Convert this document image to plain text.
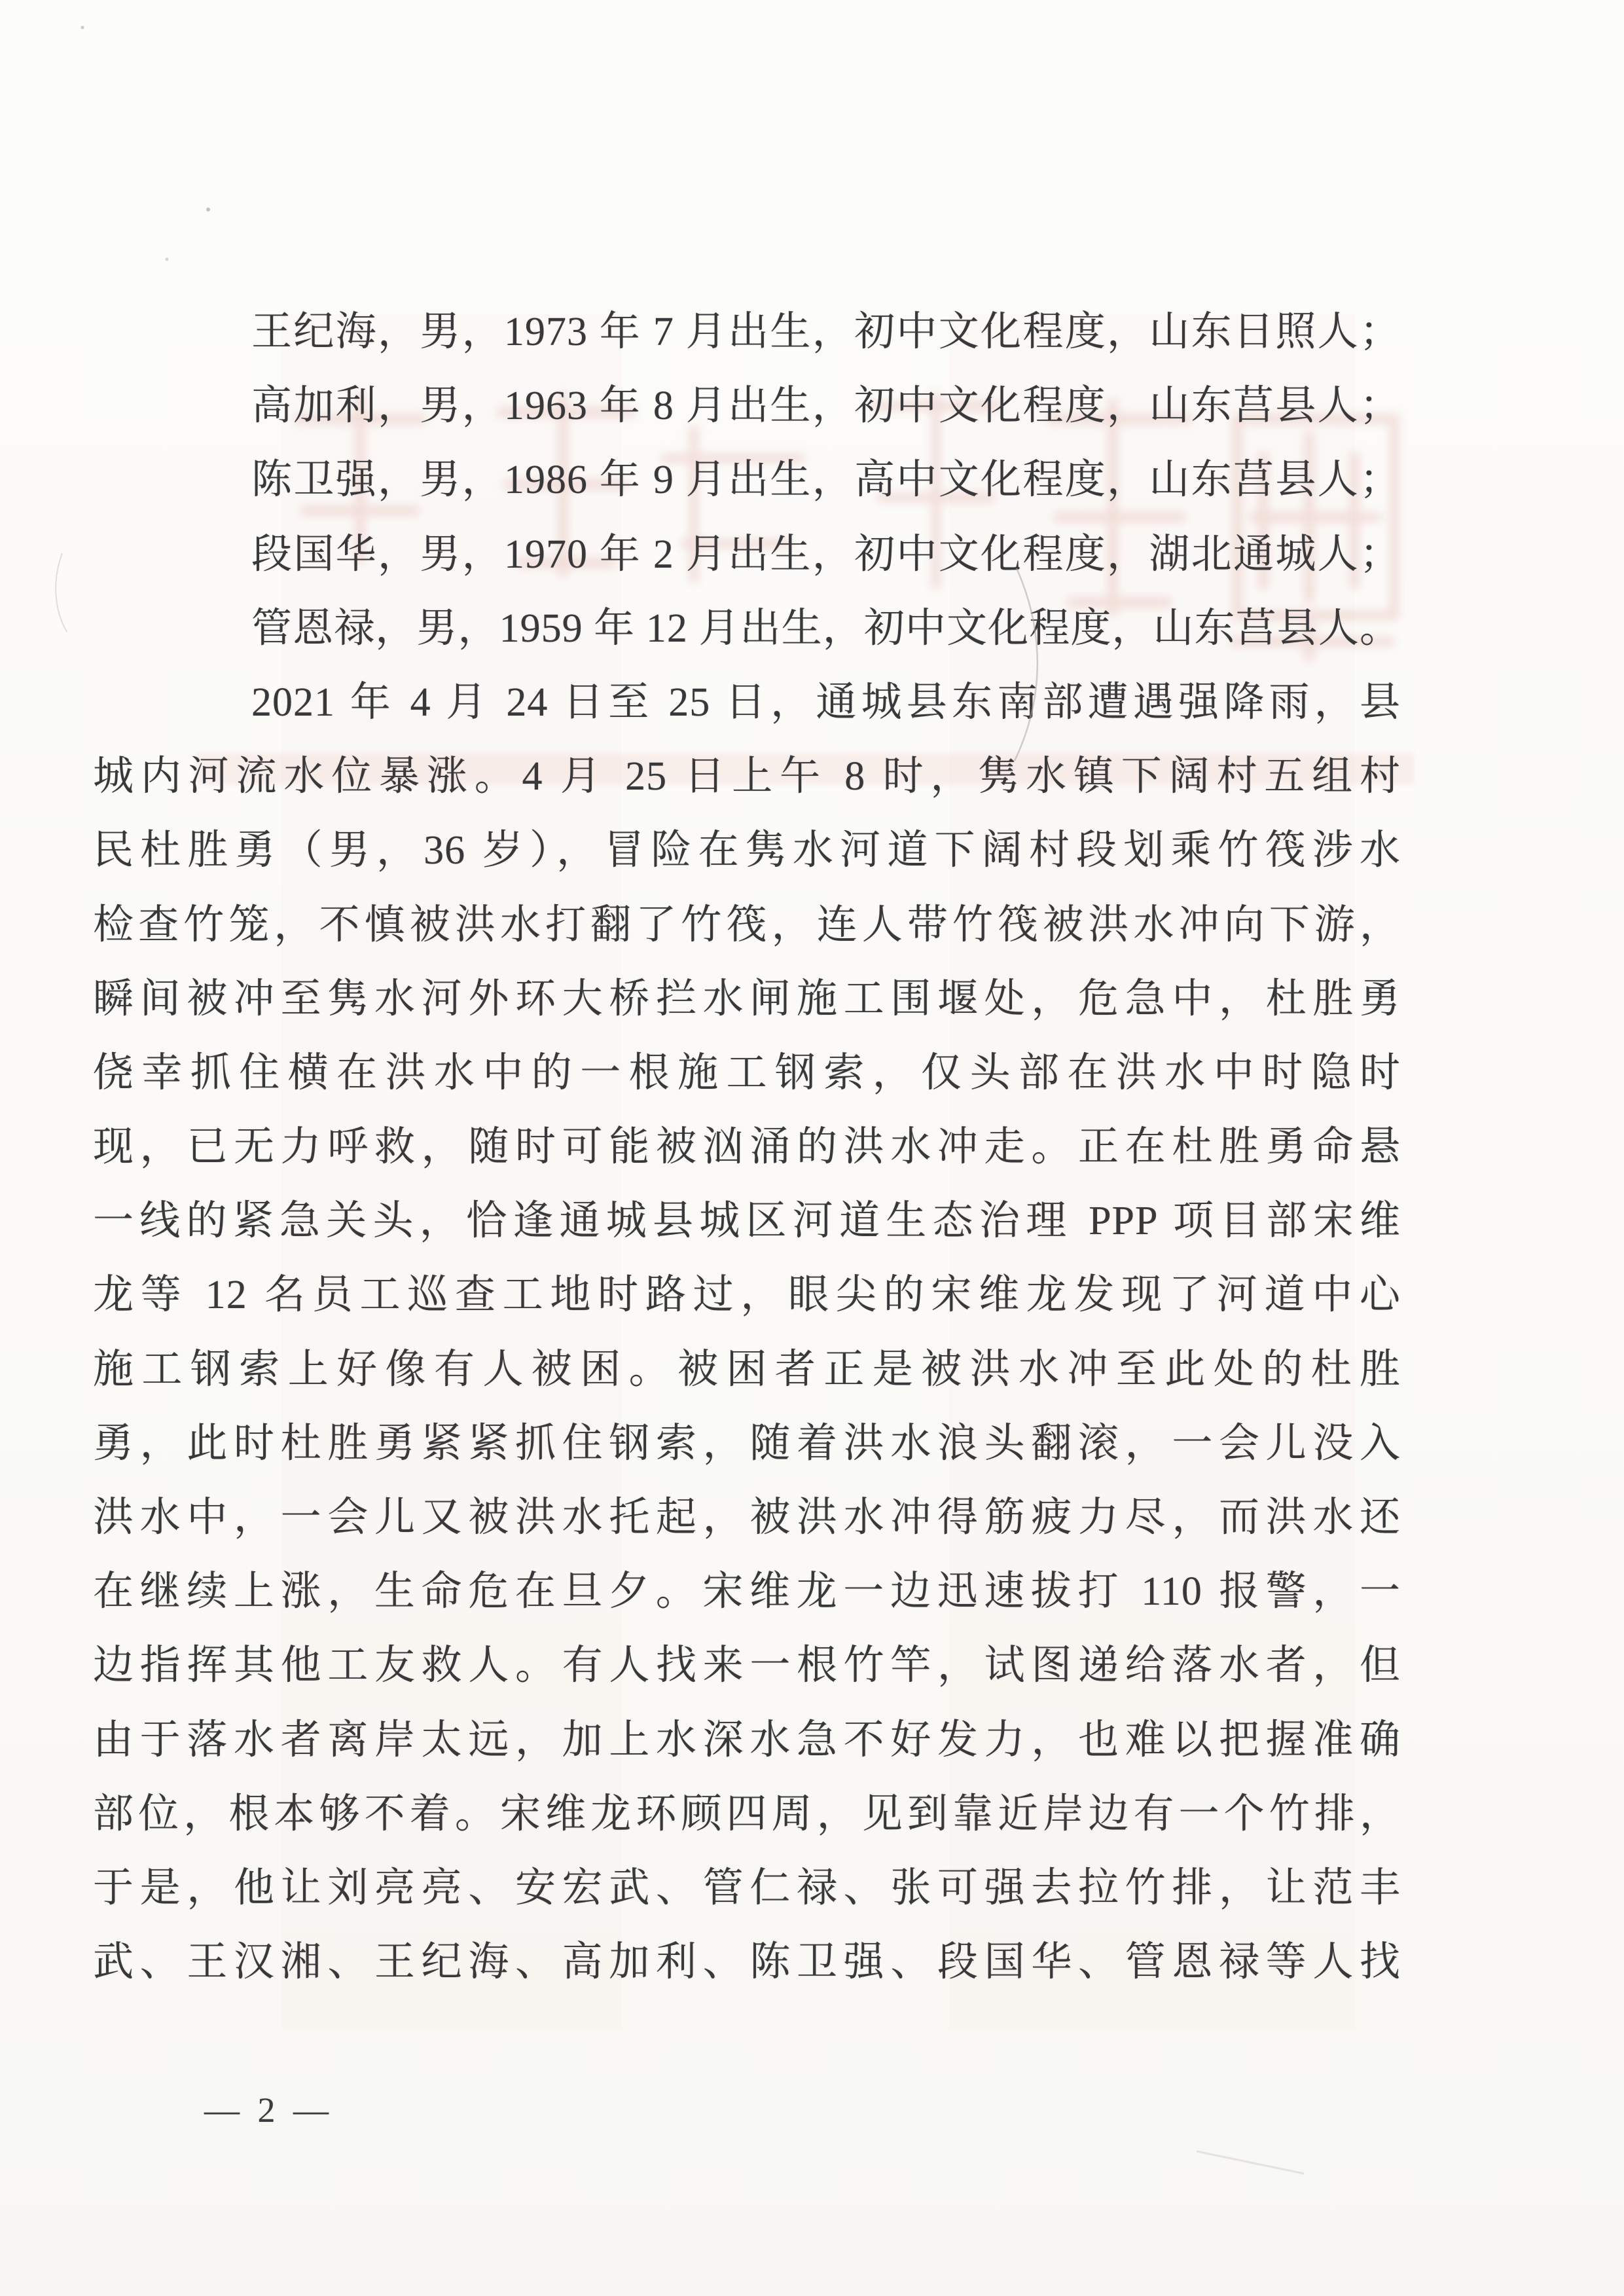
王纪海，男，1973 年 7 月出生，初中文化程度，山东日照人；
高加利，男，1963 年 8 月出生，初中文化程度，山东莒县人；
陈卫强，男，1986 年 9 月出生，高中文化程度，山东莒县人；
段国华，男，1970 年 2 月出生，初中文化程度，湖北通城人；
管恩禄，男，1959 年 12 月出生，初中文化程度，山东莒县人。
2021 年 4 月 24 日至 25 日，通城县东南部遭遇强降雨，县
城内河流水位暴涨。4 月 25 日上午 8 时，隽水镇下阔村五组村
民杜胜勇（男，36 岁），冒险在隽水河道下阔村段划乘竹筏涉水
检查竹笼，不慎被洪水打翻了竹筏，连人带竹筏被洪水冲向下游，
瞬间被冲至隽水河外环大桥拦水闸施工围堰处，危急中，杜胜勇
侥幸抓住横在洪水中的一根施工钢索，仅头部在洪水中时隐时
现，已无力呼救，随时可能被汹涌的洪水冲走。正在杜胜勇命悬
一线的紧急关头，恰逢通城县城区河道生态治理 PPP 项目部宋维
龙等 12 名员工巡查工地时路过，眼尖的宋维龙发现了河道中心
施工钢索上好像有人被困。被困者正是被洪水冲至此处的杜胜
勇，此时杜胜勇紧紧抓住钢索，随着洪水浪头翻滚，一会儿没入
洪水中，一会儿又被洪水托起，被洪水冲得筋疲力尽，而洪水还
在继续上涨，生命危在旦夕。宋维龙一边迅速拔打 110 报警，一
边指挥其他工友救人。有人找来一根竹竿，试图递给落水者，但
由于落水者离岸太远，加上水深水急不好发力，也难以把握准确
部位，根本够不着。宋维龙环顾四周，见到靠近岸边有一个竹排，
于是，他让刘亮亮、安宏武、管仁禄、张可强去拉竹排，让范丰
武、王汉湘、王纪海、高加利、陈卫强、段国华、管恩禄等人找
— 2 —
